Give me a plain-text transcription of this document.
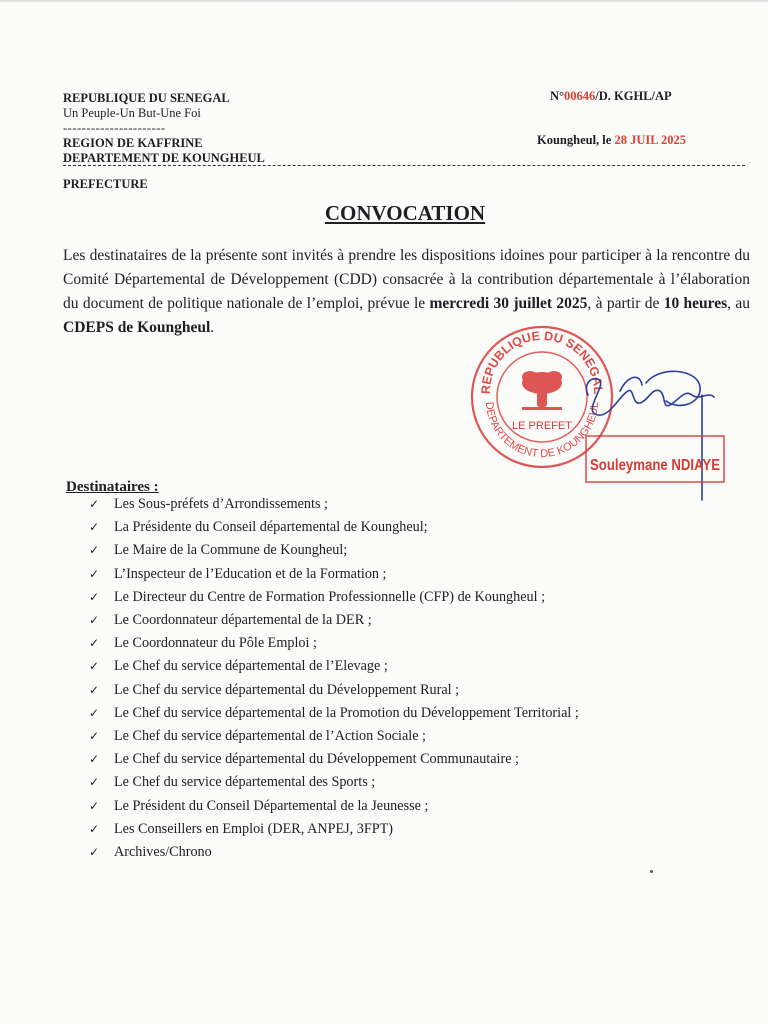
REPUBLIQUE DU SENEGAL
Un Peuple-Un But-Une Foi
----------------------
REGION DE KAFFRINE
DEPARTEMENT DE KOUNGHEUL
N°00646/D. KGHL/AP
Koungheul, le 28 JUIL 2025
PREFECTURE
CONVOCATION

Les destinataires de la présente sont invités à prendre les dispositions idoines pour participer à la rencontre du Comité Départemental de Développement (CDD) consacrée à la contribution départementale à l’élaboration du document de politique nationale de l’emploi, prévue le mercredi 30 juillet 2025, à partir de 10 heures, au CDEPS de Koungheul.

REPUBLIQUE DU SENEGAL
DEPARTEMENT DE KOUNGHEUL
LE PREFET
Souleymane NDIAYE
Destinataires :
✓	Les Sous-préfets d’Arrondissements ;
✓	La Présidente du Conseil départemental de Koungheul;
✓	Le Maire de la Commune de Koungheul;
✓	L’Inspecteur de l’Education et de la Formation ;
✓	Le Directeur du Centre de Formation Professionnelle (CFP) de Koungheul ;
✓	Le Coordonnateur départemental de la DER ;
✓	Le Coordonnateur du Pôle Emploi ;
✓	Le Chef du service départemental de l’Elevage ;
✓	Le Chef du service départemental du Développement Rural ;
✓	Le Chef du service départemental de la Promotion du Développement Territorial ;
✓	Le Chef du service départemental de l’Action Sociale ;
✓	Le Chef du service départemental du Développement Communautaire ;
✓	Le Chef du service départemental des Sports ;
✓	Le Président du Conseil Départemental de la Jeunesse ;
✓	Les Conseillers en Emploi (DER, ANPEJ, 3FPT)
✓	Archives/Chrono
